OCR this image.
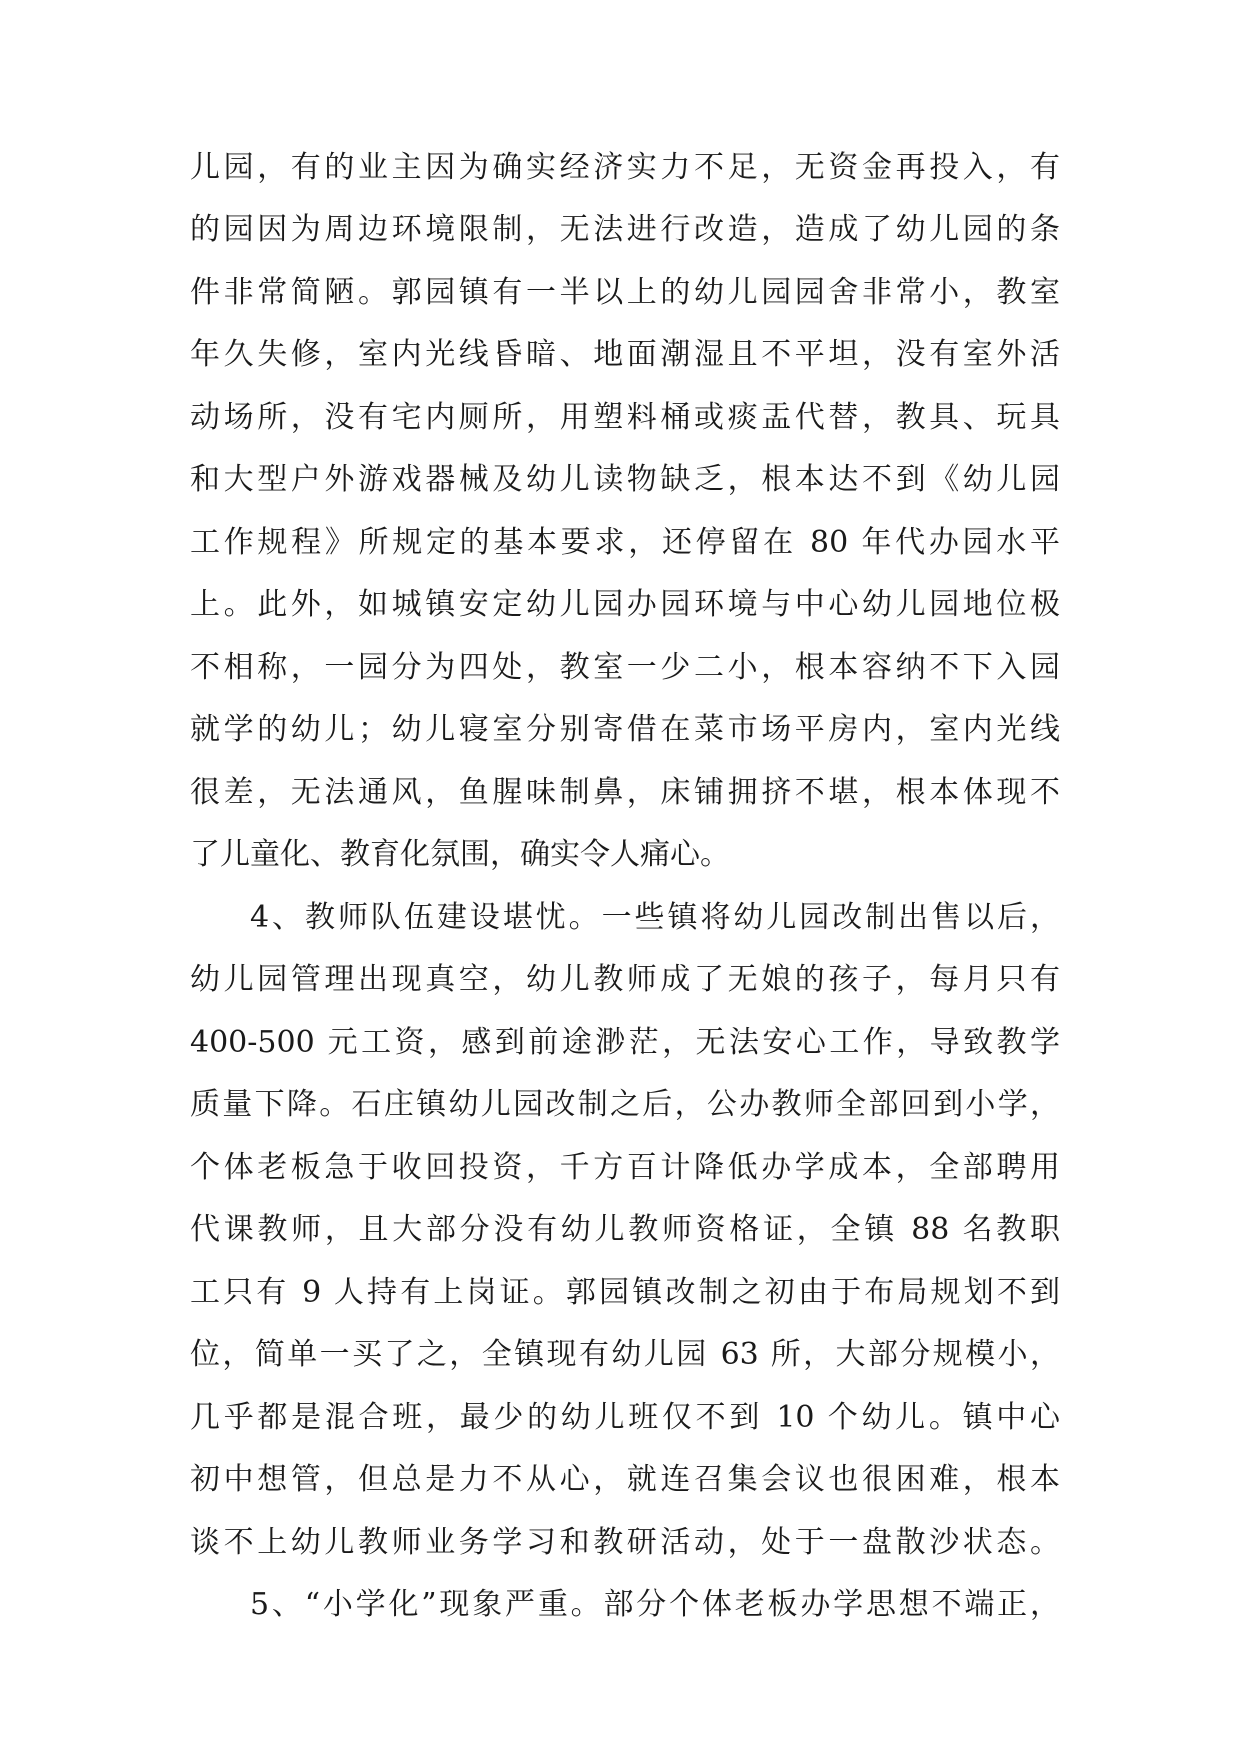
儿园，有的业主因为确实经济实力不足，无资金再投入，有
的园因为周边环境限制，无法进行改造，造成了幼儿园的条
件非常简陋。郭园镇有一半以上的幼儿园园舍非常小，教室
年久失修，室内光线昏暗、地面潮湿且不平坦，没有室外活
动场所，没有宅内厕所，用塑料桶或痰盂代替，教具、玩具
和大型户外游戏器械及幼儿读物缺乏，根本达不到《幼儿园
工作规程》所规定的基本要求，还停留在 80 年代办园水平
上。此外，如城镇安定幼儿园办园环境与中心幼儿园地位极
不相称，一园分为四处，教室一少二小，根本容纳不下入园
就学的幼儿；幼儿寝室分别寄借在菜市场平房内，室内光线
很差，无法通风，鱼腥味制鼻，床铺拥挤不堪，根本体现不
了儿童化、教育化氛围，确实令人痛心。
4、教师队伍建设堪忧。一些镇将幼儿园改制出售以后，
幼儿园管理出现真空，幼儿教师成了无娘的孩子，每月只有
400-500 元工资，感到前途渺茫，无法安心工作，导致教学
质量下降。石庄镇幼儿园改制之后，公办教师全部回到小学，
个体老板急于收回投资，千方百计降低办学成本，全部聘用
代课教师，且大部分没有幼儿教师资格证，全镇 88 名教职
工只有 9 人持有上岗证。郭园镇改制之初由于布局规划不到
位，简单一买了之，全镇现有幼儿园 63 所，大部分规模小，
几乎都是混合班，最少的幼儿班仅不到 10 个幼儿。镇中心
初中想管，但总是力不从心，就连召集会议也很困难，根本
谈不上幼儿教师业务学习和教研活动，处于一盘散沙状态。
5、“小学化”现象严重。部分个体老板办学思想不端正，
